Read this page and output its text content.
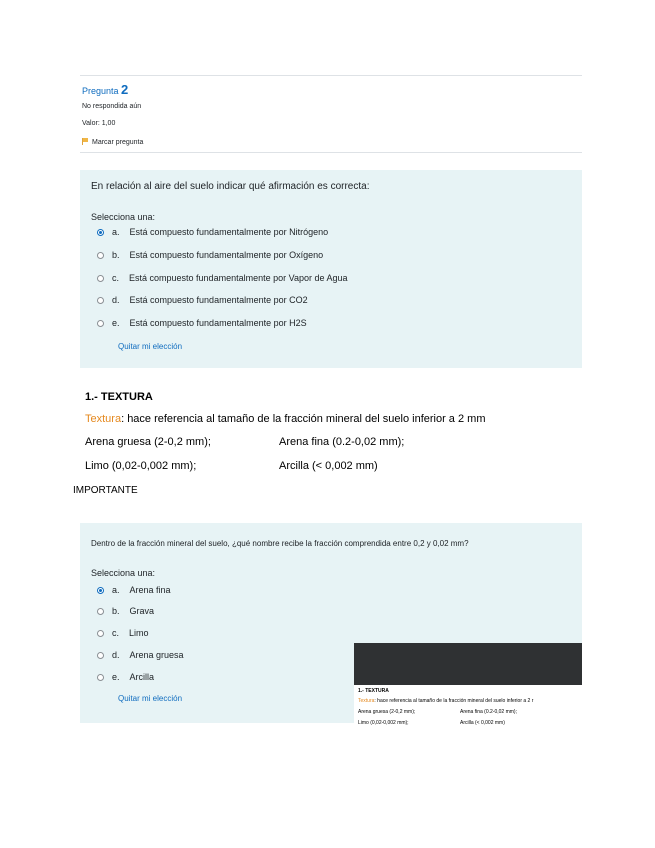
Pregunta 2
No respondida aún
Valor: 1,00
Marcar pregunta
En relación al aire del suelo indicar qué afirmación es correcta:
Selecciona una:
a. Está compuesto fundamentalmente por Nitrógeno
b. Está compuesto fundamentalmente por Oxígeno
c. Está compuesto fundamentalmente por Vapor de Agua
d. Está compuesto fundamentalmente por CO2
e. Está compuesto fundamentalmente por H2S
Quitar mi elección
1.- TEXTURA
Textura: hace referencia al tamaño de la fracción mineral del suelo inferior a 2 mm
Arena gruesa (2-0,2 mm);	Arena fina (0.2-0,02 mm);
Limo (0,02-0,002 mm);	Arcilla (< 0,002 mm)
IMPORTANTE
Dentro de la fracción mineral del suelo, ¿qué nombre recibe la fracción comprendida entre 0,2 y 0,02 mm?
Selecciona una:
a. Arena fina
b. Grava
c. Limo
d. Arena gruesa
e. Arcilla
Quitar mi elección
1.- TEXTURA
Textura: hace referencia al tamaño de la fracción mineral del suelo inferior a 2 r
Arena gruesa (2-0,2 mm);	Arena fina (0.2-0,02 mm);
Limo (0,02-0,002 mm);	Arcilla (< 0,002 mm)
